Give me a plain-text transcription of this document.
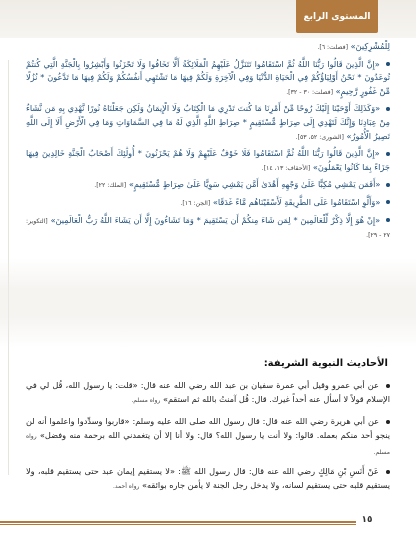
المستوى الرابع

لِلْمُشْرِكِينَ» [فصلت: ٦].

«إِنَّ الَّذِينَ قَالُوا رَبُّنَا اللَّهُ ثُمَّ اسْتَقَامُوا تَتَنَزَّلُ عَلَيْهِمُ الْمَلَائِكَةُ أَلَّا تَخَافُوا وَلَا تَحْزَنُوا وَأَبْشِرُوا بِالْجَنَّةِ الَّتِي كُنتُمْ تُوعَدُونَ * نَحْنُ أَوْلِيَاؤُكُمْ فِي الْحَيَاةِ الدُّنْيَا وَفِي الْآخِرَةِ وَلَكُمْ فِيهَا مَا تَشْتَهِي أَنفُسُكُمْ وَلَكُمْ فِيهَا مَا تَدَّعُونَ * نُزُلًا مِّنْ غَفُورٍ رَّحِيمٍ» [فصلت: ٣٠ - ٣٢].

«وَكَذَلِكَ أَوْحَيْنَا إِلَيْكَ رُوحًا مِّنْ أَمْرِنَا مَا كُنتَ تَدْرِي مَا الْكِتَابُ وَلَا الْإِيمَانُ وَلَكِن جَعَلْنَاهُ نُورًا نَّهْدِي بِهِ مَن نَّشَاءُ مِنْ عِبَادِنَا وَإِنَّكَ لَتَهْدِي إِلَى صِرَاطٍ مُّسْتَقِيمٍ * صِرَاطِ اللَّهِ الَّذِي لَهُ مَا فِي السَّمَاوَاتِ وَمَا فِي الْأَرْضِ أَلَا إِلَى اللَّهِ تَصِيرُ الْأُمُورُ» [الشورى: ٥٢، ٥٣].

«إِنَّ الَّذِينَ قَالُوا رَبُّنَا اللَّهُ ثُمَّ اسْتَقَامُوا فَلَا خَوْفٌ عَلَيْهِمْ وَلَا هُمْ يَحْزَنُونَ * أُولَٰئِكَ أَصْحَابُ الْجَنَّةِ خَالِدِينَ فِيهَا جَزَاءً بِمَا كَانُوا يَعْمَلُونَ» [الأحقاف: ١٣، ١٤].

«أَفَمَن يَمْشِي مُكِبًّا عَلَىٰ وَجْهِهِ أَهْدَىٰ أَمَّن يَمْشِي سَوِيًّا عَلَىٰ صِرَاطٍ مُّسْتَقِيمٍ» [الملك: ٢٢].

«وَأَلَّوِ اسْتَقَامُوا عَلَى الطَّرِيقَةِ لَأَسْقَيْنَاهُم مَّاءً غَدَقًا» [الجن: ١٦].

«إِنْ هُوَ إِلَّا ذِكْرٌ لِّلْعَالَمِينَ * لِمَن شَاءَ مِنكُمْ أَن يَسْتَقِيمَ * وَمَا تَشَاءُونَ إِلَّا أَن يَشَاءَ اللَّهُ رَبُّ الْعَالَمِينَ» [التكوير: ٢٧ - ٢٩].

الأحاديث النبوية الشريفة:

عن أبي عمرو وقيل أبي عمرة سفيان بن عبد الله رضي الله عنه قال: «قلت: يا رسول الله، قُل لي في الإسلام قولاً لا أسأل عنه أحداً غيرك. قال: قُل آمنتُ بالله ثم استقم» رواه مسلم.

عن أبي هريرة رضي الله عنه قال: قال رسول الله صلى الله عليه وسلم: «قاربوا وسدِّدوا واعلموا أنه لن ينجو أحد منكم بعمله. قالوا: ولا أنت يا رسول الله؟ قال: ولا أنا إلا أن يتغمدني الله برحمة منه وفضل» رواه مسلم.

عَنْ أَنَسِ بْنِ مَالِكٍ رضي الله عنه قال: قال رسول الله ﷺ: «لا يستقيم إيمان عبد حتى يستقيم قلبه، ولا يستقيم قلبه حتى يستقيم لسانه، ولا يدخل رجل الجنة لا يأمن جاره بوائقه» رواه أحمد.

١٥
